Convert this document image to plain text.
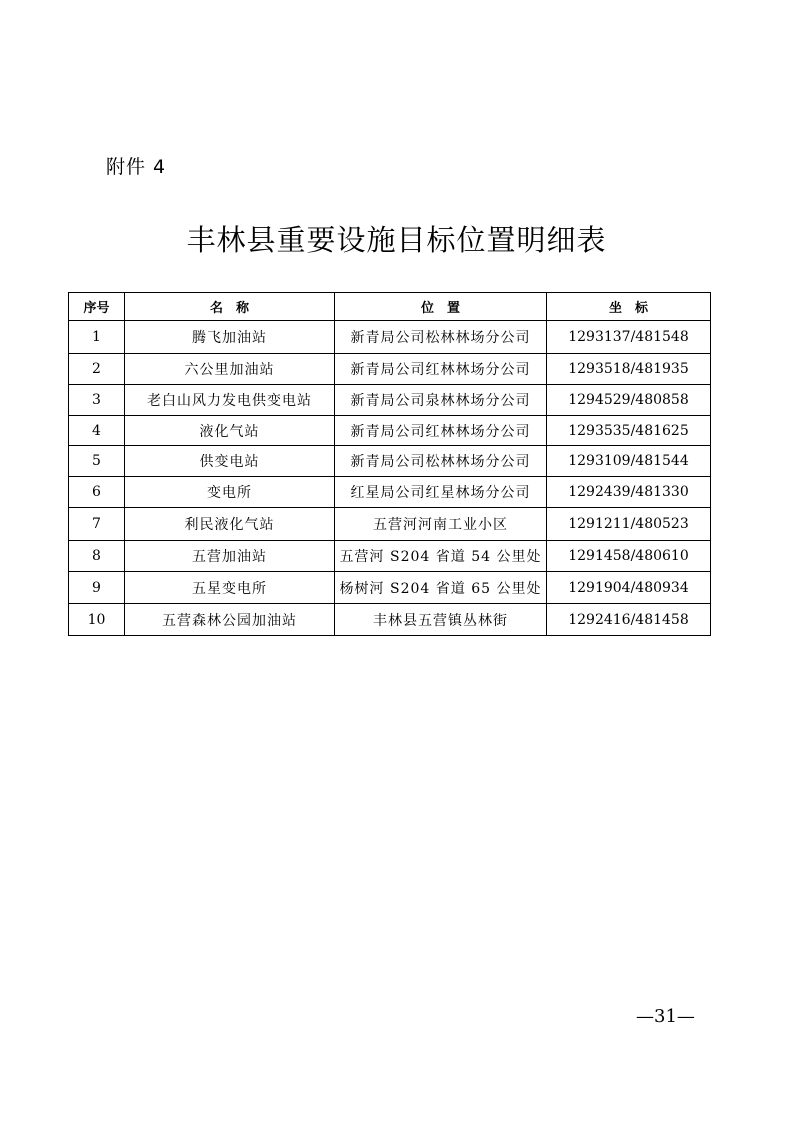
附件 4
丰林县重要设施目标位置明细表
序号	名　称	位　置	坐　标
1	腾飞加油站	新青局公司松林林场分公司	1293137/481548
2	六公里加油站	新青局公司红林林场分公司	1293518/481935
3	老白山风力发电供变电站	新青局公司泉林林场分公司	1294529/480858
4	液化气站	新青局公司红林林场分公司	1293535/481625
5	供变电站	新青局公司松林林场分公司	1293109/481544
6	变电所	红星局公司红星林场分公司	1292439/481330
7	利民液化气站	五营河河南工业小区	1291211/480523
8	五营加油站	五营河 S204 省道 54 公里处	1291458/480610
9	五星变电所	杨树河 S204 省道 65 公里处	1291904/480934
10	五营森林公园加油站	丰林县五营镇丛林街	1292416/481458
—31—
